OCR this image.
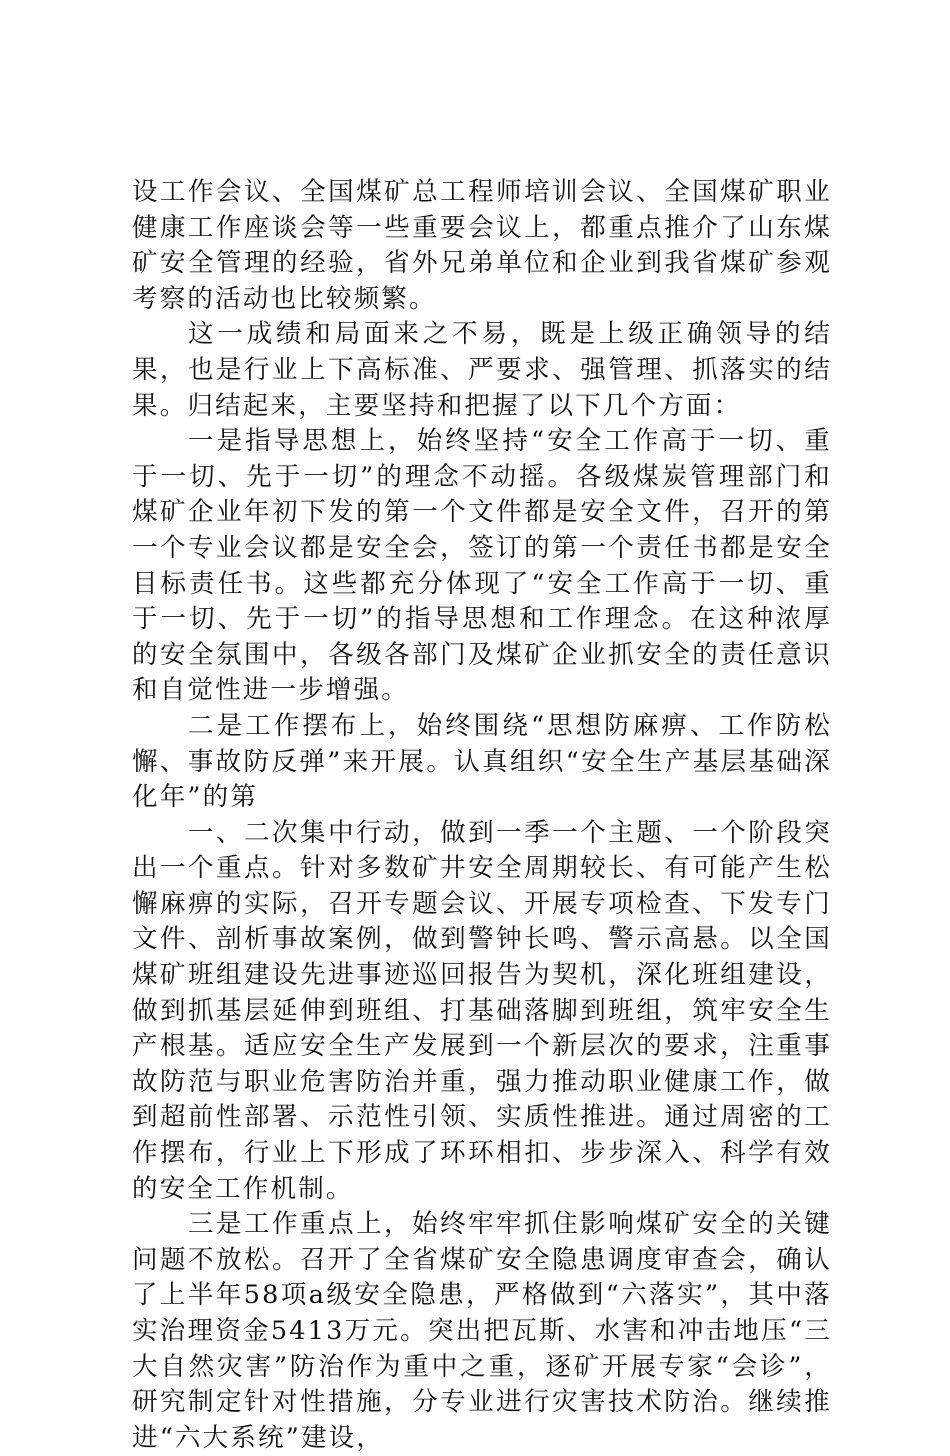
设工作会议、全国煤矿总工程师培训会议、全国煤矿职业健康工作座谈会等一些重要会议上，都重点推介了山东煤矿安全管理的经验，省外兄弟单位和企业到我省煤矿参观考察的活动也比较频繁。

这一成绩和局面来之不易，既是上级正确领导的结果，也是行业上下高标准、严要求、强管理、抓落实的结果。归结起来，主要坚持和把握了以下几个方面：

一是指导思想上，始终坚持“安全工作高于一切、重于一切、先于一切”的理念不动摇。各级煤炭管理部门和煤矿企业年初下发的第一个文件都是安全文件，召开的第一个专业会议都是安全会，签订的第一个责任书都是安全目标责任书。这些都充分体现了“安全工作高于一切、重于一切、先于一切”的指导思想和工作理念。在这种浓厚的安全氛围中，各级各部门及煤矿企业抓安全的责任意识和自觉性进一步增强。

二是工作摆布上，始终围绕“思想防麻痹、工作防松懈、事故防反弹”来开展。认真组织“安全生产基层基础深化年”的第

一、二次集中行动，做到一季一个主题、一个阶段突出一个重点。针对多数矿井安全周期较长、有可能产生松懈麻痹的实际，召开专题会议、开展专项检查、下发专门文件、剖析事故案例，做到警钟长鸣、警示高悬。以全国煤矿班组建设先进事迹巡回报告为契机，深化班组建设，做到抓基层延伸到班组、打基础落脚到班组，筑牢安全生产根基。适应安全生产发展到一个新层次的要求，注重事故防范与职业危害防治并重，强力推动职业健康工作，做到超前性部署、示范性引领、实质性推进。通过周密的工作摆布，行业上下形成了环环相扣、步步深入、科学有效的安全工作机制。

三是工作重点上，始终牢牢抓住影响煤矿安全的关键问题不放松。召开了全省煤矿安全隐患调度审查会，确认了上半年58项a级安全隐患，严格做到“六落实”，其中落实治理资金5413万元。突出把瓦斯、水害和冲击地压“三大自然灾害”防治作为重中之重，逐矿开展专家“会诊”，研究制定针对性措施，分专业进行灾害技术防治。继续推进“六大系统”建设，
